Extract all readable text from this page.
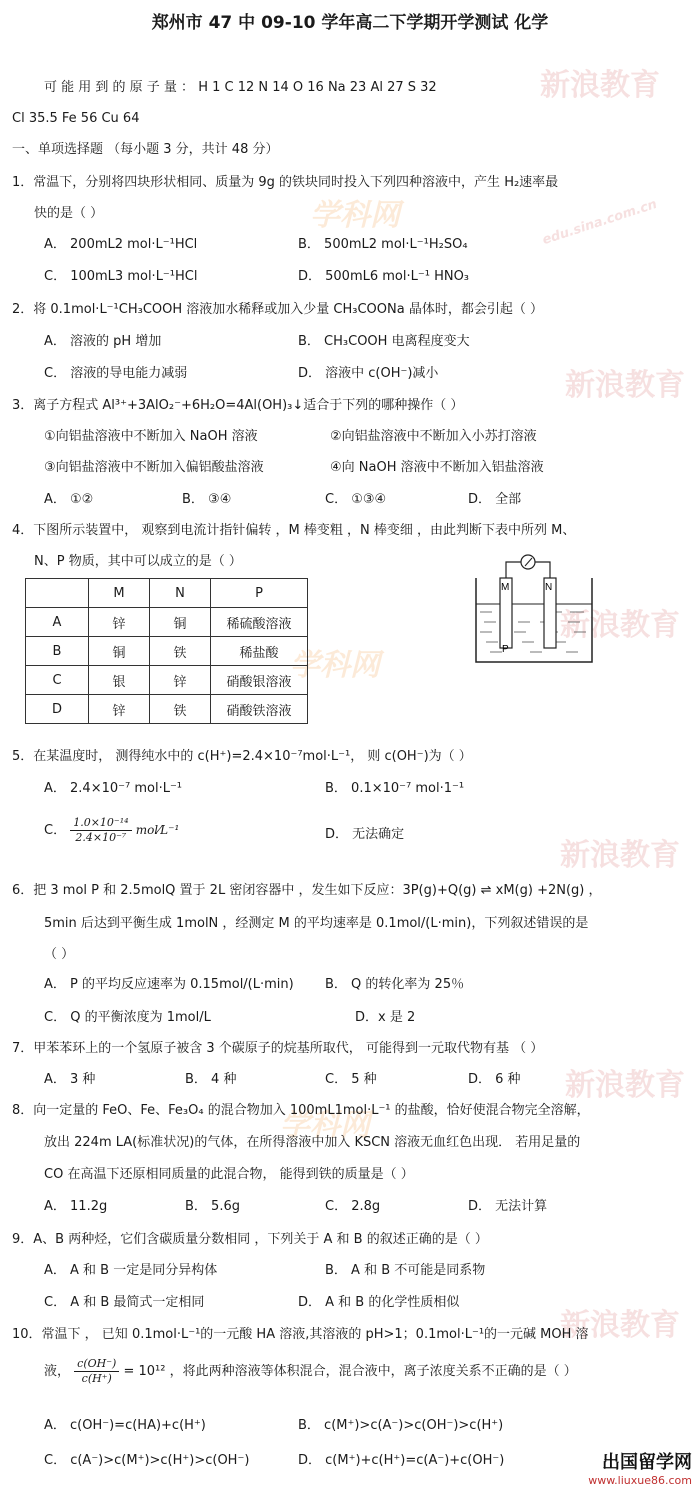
新浪教育
edu.sina.com.cn
学科网
新浪教育
新浪教育
学科网
新浪教育
新浪教育
学科网
新浪教育
郑州市 47 中 09-10 学年高二下学期开学测试 化学
可 能 用 到 的 原 子 量 ： H 1 C 12 N 14 O 16 Na 23 Al 27 S 32
Cl 35.5 Fe 56 Cu 64
一、单项选择题 （每小题 3 分，共计 48 分）
1．常温下，分别将四块形状相同、质量为 9g 的铁块同时投入下列四种溶液中，产生 H₂速率最
快的是（ ）
A． 200mL2 mol·L⁻¹HCl	B． 500mL2 mol·L⁻¹H₂SO₄
C． 100mL3 mol·L⁻¹HCl	D． 500mL6 mol·L⁻¹ HNO₃
2．将 0.1mol·L⁻¹CH₃COOH 溶液加水稀释或加入少量 CH₃COONa 晶体时，都会引起（ ）
A． 溶液的 pH 增加	B． CH₃COOH 电离程度变大
C． 溶液的导电能力减弱	D． 溶液中 c(OH⁻)减小
3．离子方程式 Al³⁺+3AlO₂⁻+6H₂O=4Al(OH)₃↓适合于下列的哪种操作（ ）
①向铝盐溶液中不断加入 NaOH 溶液	②向铝盐溶液中不断加入小苏打溶液
③向铝盐溶液中不断加入偏铝酸盐溶液	④向 NaOH 溶液中不断加入铝盐溶液
A． ①②	B． ③④	C． ①③④	D． 全部
4．下图所示装置中， 观察到电流计指针偏转 ，M 棒变粗 ，N 棒变细 ，由此判断下表中所列 M、
N、P 物质，其中可以成立的是（ ）
	M	N	P
A	锌	铜	稀硫酸溶液
B	铜	铁	稀盐酸
C	银	锌	硝酸银溶液
D	锌	铁	硝酸铁溶液
M	N
P
5．在某温度时， 测得纯水中的 c(H⁺)=2.4×10⁻⁷mol·L⁻¹， 则 c(OH⁻)为（ ）
A． 2.4×10⁻⁷ mol·L⁻¹	B． 0.1×10⁻⁷ mol·1⁻¹
C． $\frac{\text{1.0×10⁻¹⁴}}{\text{2.4×10⁻⁷}}$ mol⁄L⁻¹	D． 无法确定
6．把 3 mol P 和 2.5molQ 置于 2L 密闭容器中 ，发生如下反应：3P(g)+Q(g) ⇌ xM(g) +2N(g) ，
5min 后达到平衡生成 1molN ，经测定 M 的平均速率是 0.1mol/(L·min)，下列叙述错误的是
（ ）
A． P 的平均反应速率为 0.15mol/(L·min) B． Q 的转化率为 25％
C． Q 的平衡浓度为 1mol/L	D．x 是 2
7．甲苯苯环上的一个氢原子被含 3 个碳原子的烷基所取代， 可能得到一元取代物有基 （ ）
A． 3 种	B． 4 种	C． 5 种	D． 6 种
8．向一定量的 FeO、Fe、Fe₃O₄ 的混合物加入 100mL1mol·L⁻¹ 的盐酸，恰好使混合物完全溶解，
放出 224m LA(标准状况)的气体，在所得溶液中加入 KSCN 溶液无血红色出现． 若用足量的
CO 在高温下还原相同质量的此混合物， 能得到铁的质量是（ ）
A． 11.2g	B． 5.6g	C． 2.8g	D． 无法计算
9．A、B 两种烃，它们含碳质量分数相同 ，下列关于 A 和 B 的叙述正确的是（ ）
A． A 和 B 一定是同分异构体	B． A 和 B 不可能是同系物
C． A 和 B 最简式一定相同	D． A 和 B 的化学性质相似
10．常温下 ， 已知 0.1mol·L⁻¹的一元酸 HA 溶液,其溶液的 pH>1；0.1mol·L⁻¹的一元碱 MOH 溶
液， $\frac{c(OH^-)}{c(H^+)} = 10^{12}$ ，将此两种溶液等体积混合，混合液中，离子浓度关系不正确的是（ ）
A． c(OH⁻)=c(HA)+c(H⁺)	B． c(M⁺)>c(A⁻)>c(OH⁻)>c(H⁺)
C． c(A⁻)>c(M⁺)>c(H⁺)>c(OH⁻)	D． c(M⁺)+c(H⁺)=c(A⁻)+c(OH⁻)	出国留学网
www.liuxue86.com
